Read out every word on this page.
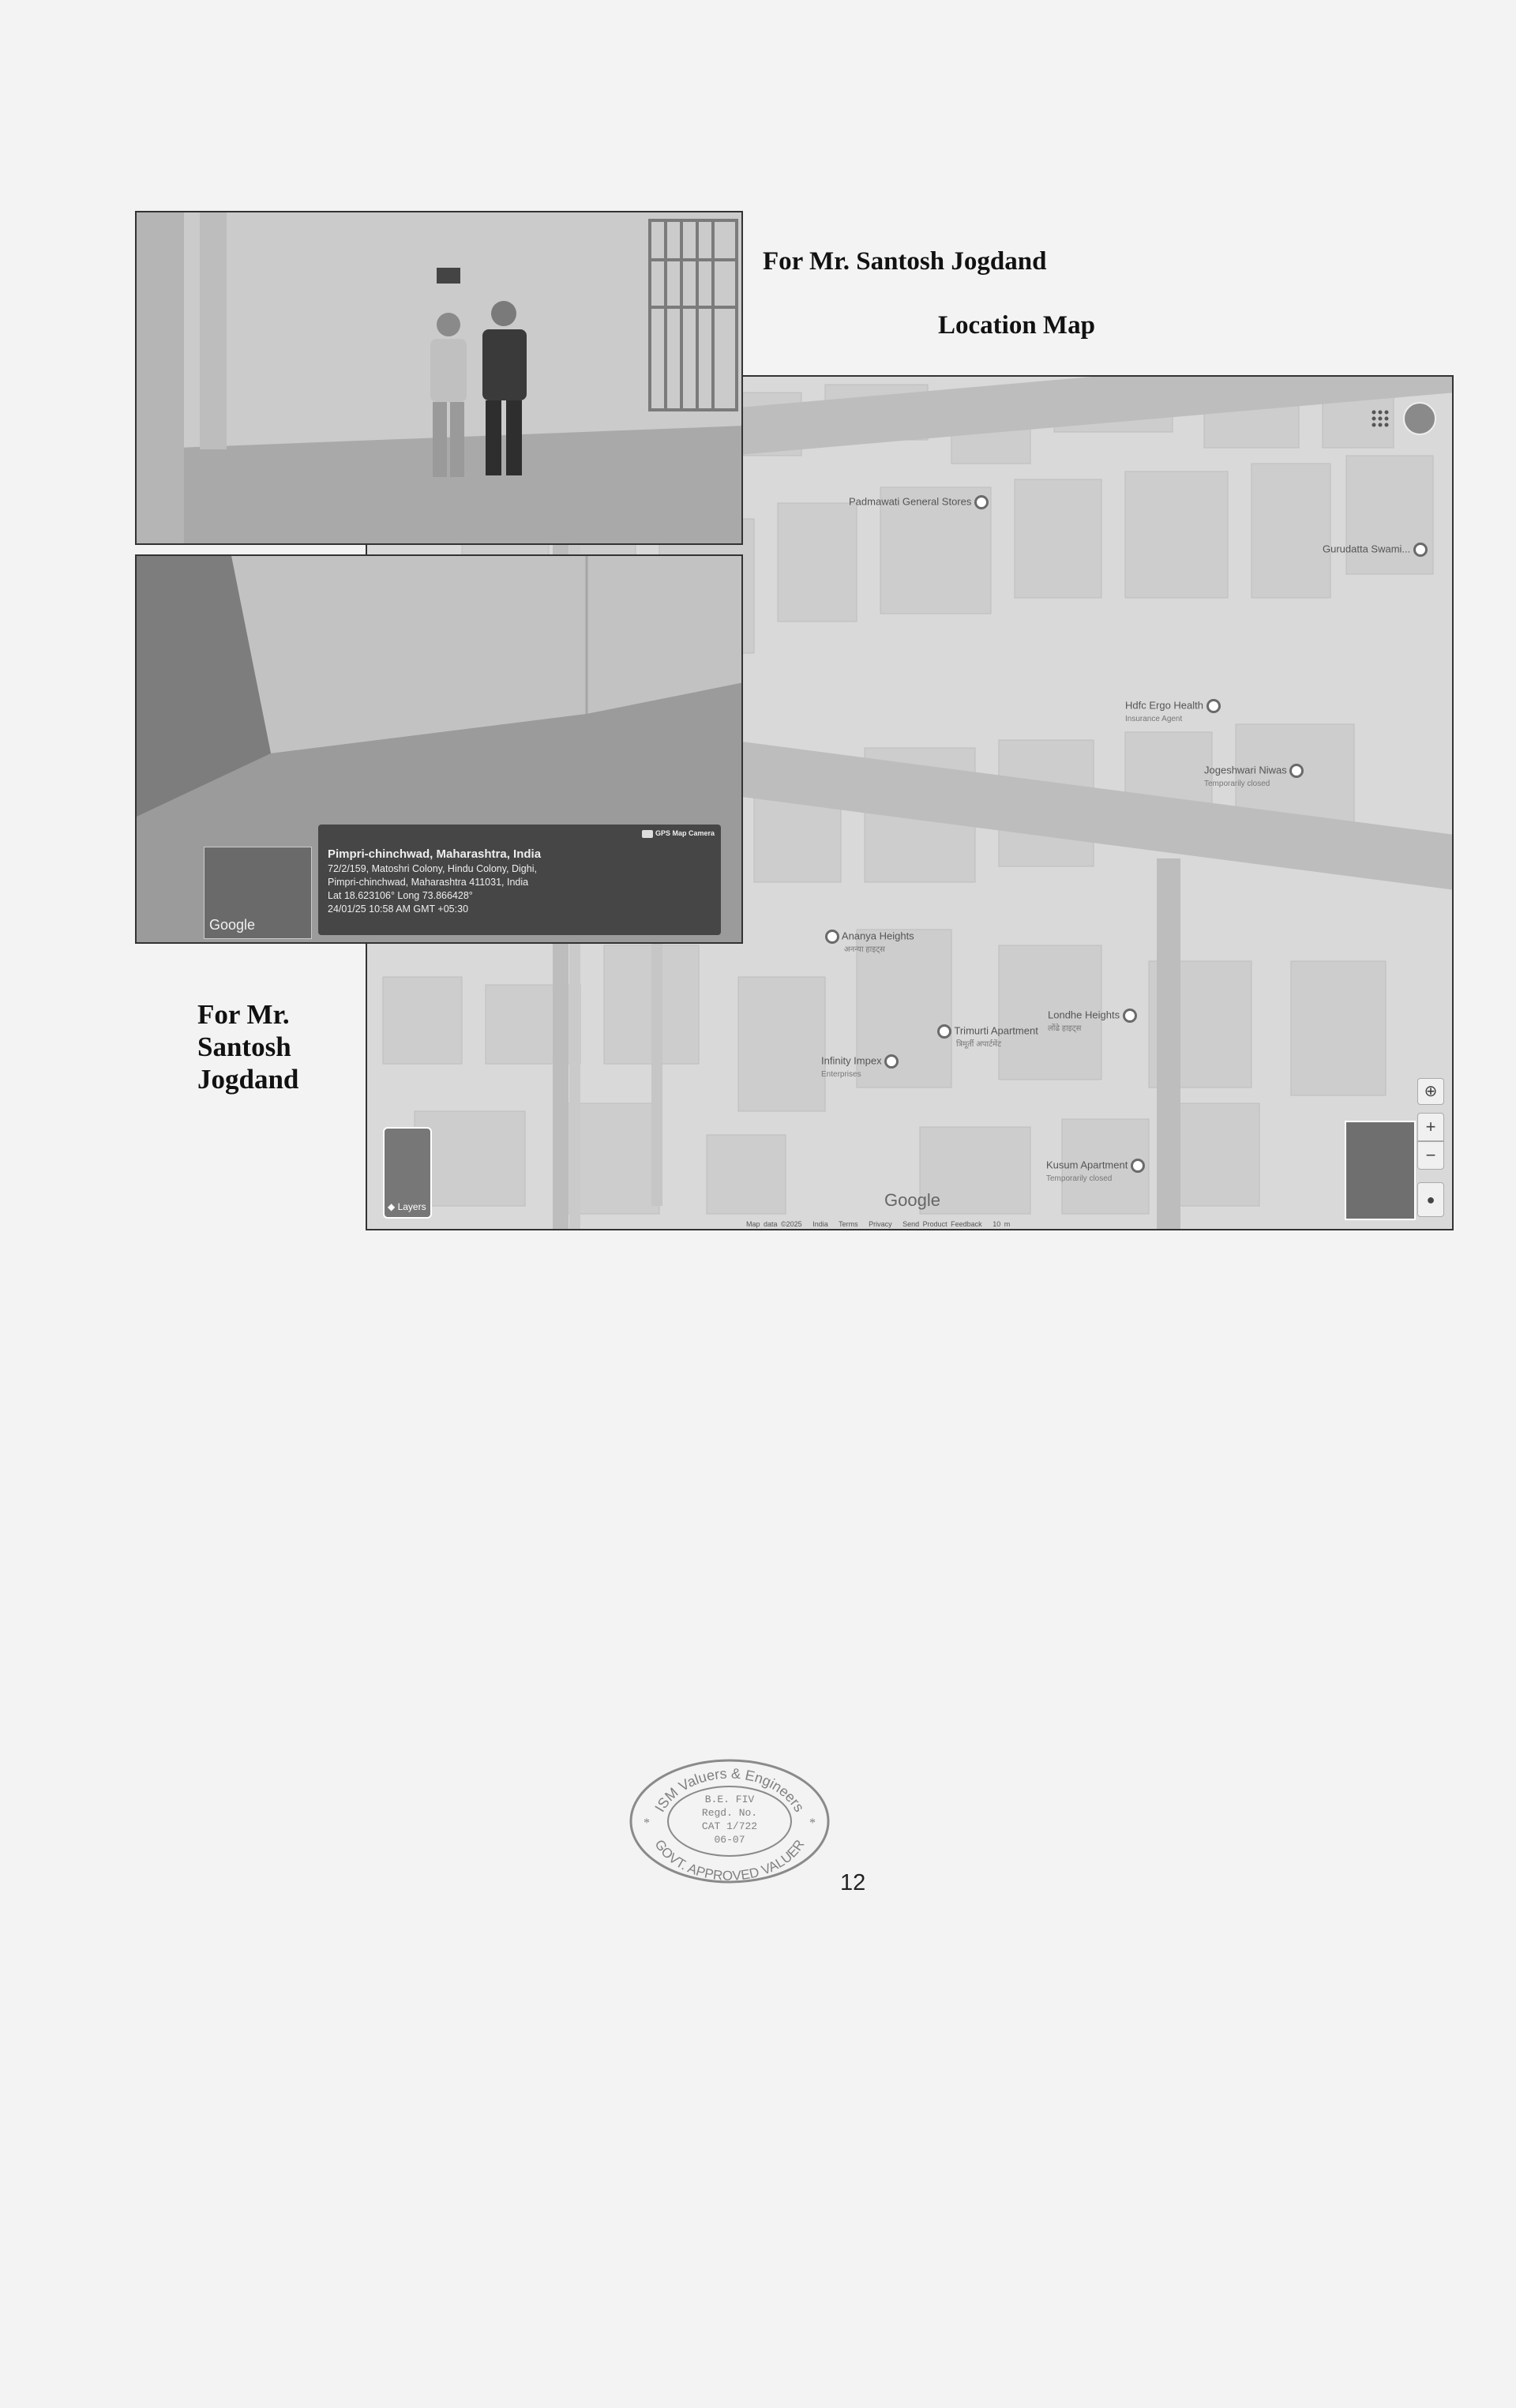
Padmawati General Stores
Gurudatta Swami...
Hdfc Ergo Health
Insurance Agent
Jogeshwari Niwas
Temporarily closed
Ananya Heights
अनन्या हाइट्स
Trimurti Apartment
त्रिमूर्ती अपार्टमेंट
Londhe Heights
लोंढे हाइट्स
Infinity Impex
Enterprises
Kusum Apartment
Temporarily closed
◆ Layers	Google
⊕
+
−
●
Map data ©2025 India Terms Privacy Send Product Feedback 10 m
GPS Map Camera
Pimpri-chinchwad, Maharashtra, India
72/2/159, Matoshri Colony, Hindu Colony, Dighi,
Pimpri-chinchwad, Maharashtra 411031, India
Lat 18.623106° Long 73.866428°
24/01/25 10:58 AM GMT +05:30
Google
For Mr. Santosh Jogdand
Location Map
For Mr.
Santosh
Jogdand
ISM Valuers & Engineers
GOVT. APPROVED VALUER
B.E. FIV
Regd. No.
CAT 1/722
06-07
*	*
12
